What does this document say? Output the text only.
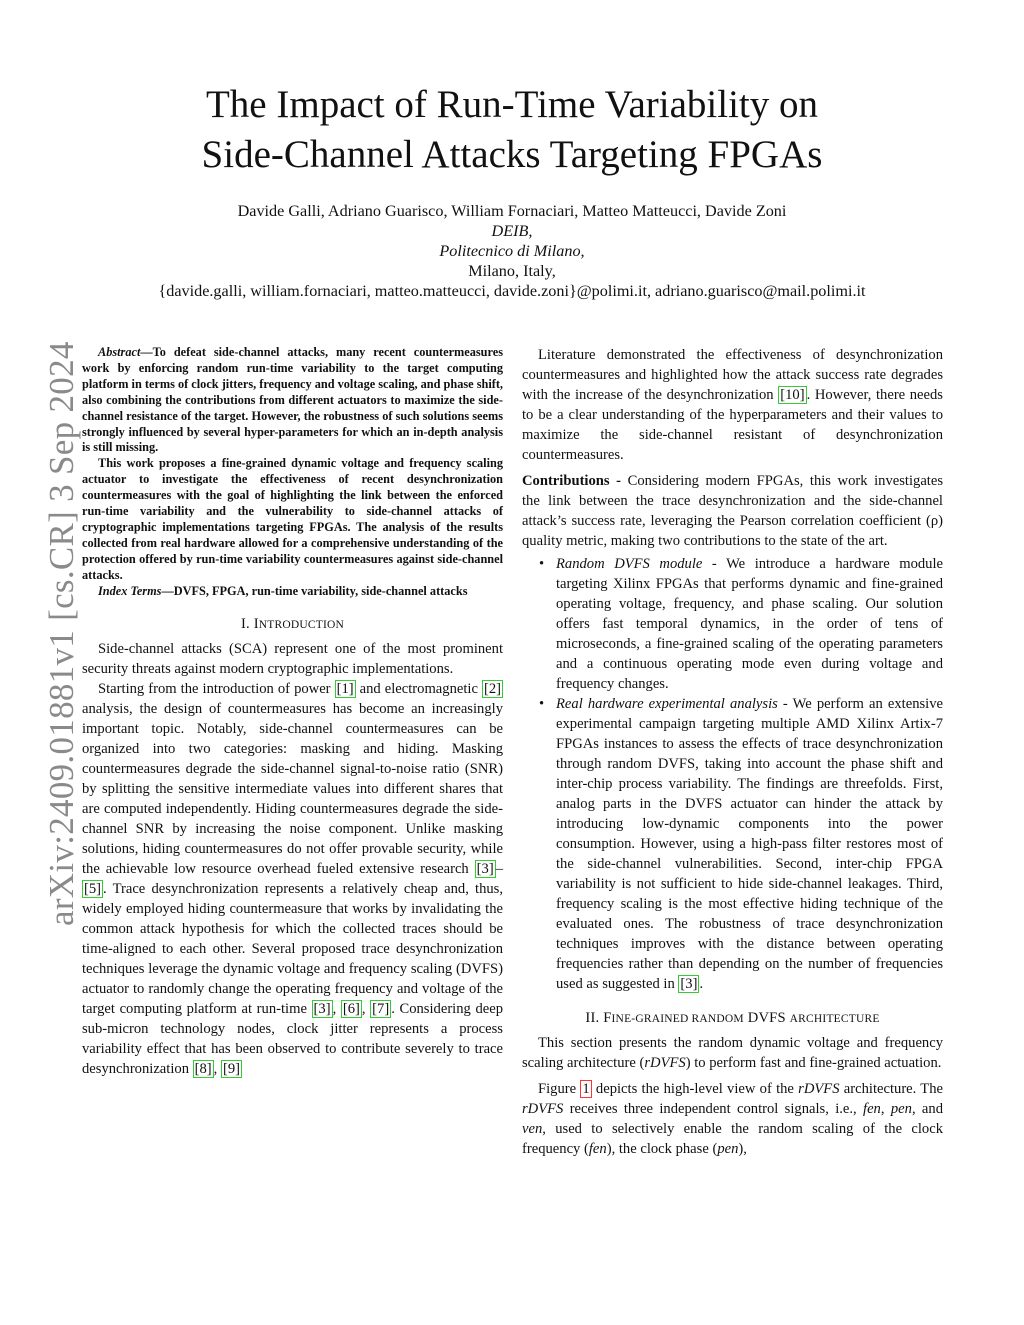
arXiv:2409.01881v1 [cs.CR] 3 Sep 2024
The Impact of Run-Time Variability on
Side-Channel Attacks Targeting FPGAs
Davide Galli, Adriano Guarisco, William Fornaciari, Matteo Matteucci, Davide Zoni
DEIB,
Politecnico di Milano,
Milano, Italy,
{davide.galli, william.fornaciari, matteo.matteucci, davide.zoni}@polimi.it, adriano.guarisco@mail.polimi.it

Abstract—To defeat side-channel attacks, many recent countermeasures work by enforcing random run-time variability to the target computing platform in terms of clock jitters, frequency and voltage scaling, and phase shift, also combining the contributions from different actuators to maximize the side-channel resistance of the target. However, the robustness of such solutions seems strongly influenced by several hyper-parameters for which an in-depth analysis is still missing.

This work proposes a fine-grained dynamic voltage and frequency scaling actuator to investigate the effectiveness of recent desynchronization countermeasures with the goal of highlighting the link between the enforced run-time variability and the vulnerability to side-channel attacks of cryptographic implementations targeting FPGAs. The analysis of the results collected from real hardware allowed for a comprehensive understanding of the protection offered by run-time variability countermeasures against side-channel attacks.

Index Terms—DVFS, FPGA, run-time variability, side-channel attacks

I. INTRODUCTION

Side-channel attacks (SCA) represent one of the most prominent security threats against modern cryptographic implementations.

Starting from the introduction of power [1] and electromagnetic [2] analysis, the design of countermeasures has become an increasingly important topic. Notably, side-channel countermeasures can be organized into two categories: masking and hiding. Masking countermeasures degrade the side-channel signal-to-noise ratio (SNR) by splitting the sensitive intermediate values into different shares that are computed independently. Hiding countermeasures degrade the side-channel SNR by increasing the noise component. Unlike masking solutions, hiding countermeasures do not offer provable security, while the achievable low resource overhead fueled extensive research [3] –[5] . Trace desynchronization represents a relatively cheap and, thus, widely employed hiding countermeasure that works by invalidating the common attack hypothesis for which the collected traces should be time-aligned to each other. Several proposed trace desynchronization techniques leverage the dynamic voltage and frequency scaling (DVFS) actuator to randomly change the operating frequency and voltage of the target computing platform at run-time [3] , [6] , [7] . Considering deep sub-micron technology nodes, clock jitter represents a process variability effect that has been observed to contribute severely to trace desynchronization [8] , [9]

Literature demonstrated the effectiveness of desynchronization countermeasures and highlighted how the attack success rate degrades with the increase of the desynchronization [10] . However, there needs to be a clear understanding of the hyperparameters and their values to maximize the side-channel resistant of desynchronization countermeasures.

Contributions - Considering modern FPGAs, this work investigates the link between the trace desynchronization and the side-channel attack’s success rate, leveraging the Pearson correlation coefficient (ρ) quality metric, making two contributions to the state of the art.

• Random DVFS module - We introduce a hardware module targeting Xilinx FPGAs that performs dynamic and fine-grained operating voltage, frequency, and phase scaling. Our solution offers fast temporal dynamics, in the order of tens of microseconds, a fine-grained scaling of the operating parameters and a continuous operating mode even during voltage and frequency changes.
• Real hardware experimental analysis - We perform an extensive experimental campaign targeting multiple AMD Xilinx Artix-7 FPGAs instances to assess the effects of trace desynchronization through random DVFS, taking into account the phase shift and inter-chip process variability. The findings are threefolds. First, analog parts in the DVFS actuator can hinder the attack by introducing low-dynamic components into the power consumption. However, using a high-pass filter restores most of the side-channel vulnerabilities. Second, inter-chip FPGA variability is not sufficient to hide side-channel leakages. Third, frequency scaling is the most effective hiding technique of the evaluated ones. The robustness of trace desynchronization techniques improves with the distance between operating frequencies rather than depending on the number of frequencies used as suggested in [3] .
II. FINE-GRAINED RANDOM DVFS ARCHITECTURE

This section presents the random dynamic voltage and frequency scaling architecture (rDVFS) to perform fast and fine-grained actuation.

Figure 1 depicts the high-level view of the rDVFS architecture. The rDVFS receives three independent control signals, i.e., fen, pen, and ven, used to selectively enable the random scaling of the clock frequency (fen), the clock phase (pen),
